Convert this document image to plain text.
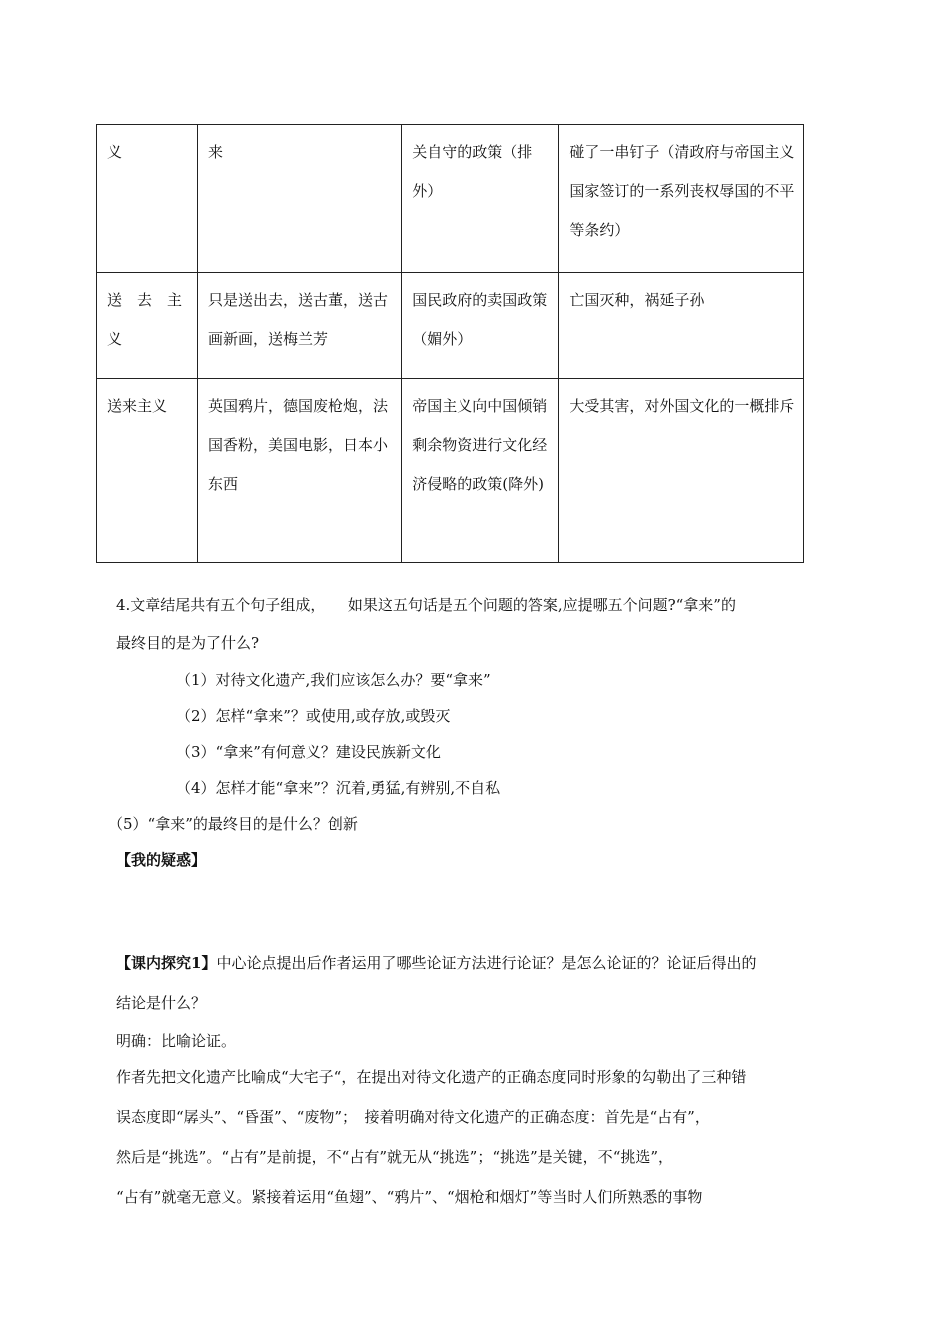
义	来	关自守的政策（排外）	碰了一串钉子（清政府与帝国主义国家签订的一系列丧权辱国的不平等条约）

送　去　主义	只是送出去，送古董，送古画新画，送梅兰芳	国民政府的卖国政策（媚外）	亡国灭种，祸延子孙

送来主义	英国鸦片，德国废枪炮，法国香粉，美国电影，日本小东西	帝国主义向中国倾销剩余物资进行文化经济侵略的政策(降外)	大受其害，对外国文化的一概排斥
4.文章结尾共有五个句子组成，　　如果这五句话是五个问题的答案,应提哪五个问题?“拿来”的
最终目的是为了什么?
（1）对待文化遗产,我们应该怎么办？要“拿来”
（2）怎样“拿来”？或使用,或存放,或毁灭
（3）“拿来”有何意义？建设民族新文化
（4）怎样才能“拿来”？沉着,勇猛,有辨别,不自私
（5）“拿来”的最终目的是什么？创新
【我的疑惑】
【课内探究1】中心论点提出后作者运用了哪些论证方法进行论证？是怎么论证的？论证后得出的
结论是什么？
明确：比喻论证。
作者先把文化遗产比喻成“大宅子“，在提出对待文化遗产的正确态度同时形象的勾勒出了三种错
误态度即“孱头”、“昏蛋”、“废物”；　接着明确对待文化遗产的正确态度：首先是“占有”，
然后是“挑选”。“占有”是前提，不“占有”就无从“挑选”；“挑选”是关键，不“挑选”，
“占有”就毫无意义。紧接着运用“鱼翅”、“鸦片”、“烟枪和烟灯”等当时人们所熟悉的事物
